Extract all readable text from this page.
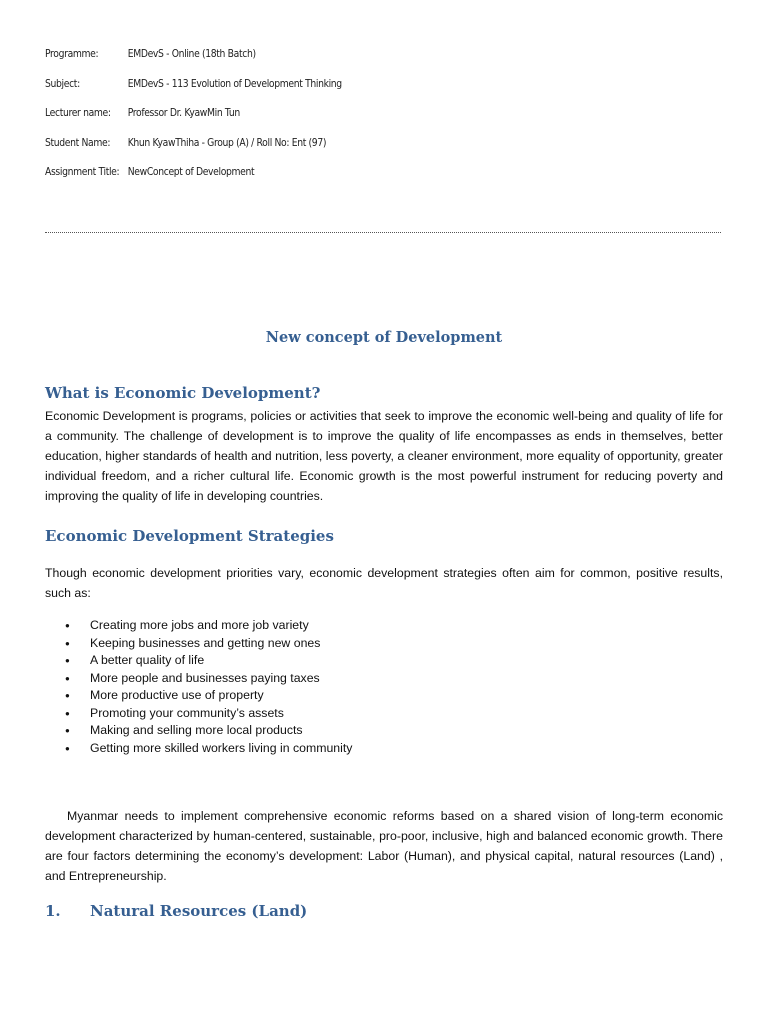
Programme:	EMDevS - Online (18th Batch)
Subject:	EMDevS - 113 Evolution of Development Thinking
Lecturer name:	Professor Dr. KyawMin Tun
Student Name:	Khun KyawThiha - Group (A) / Roll No: Ent (97)
Assignment Title: NewConcept of Development
New concept of Development
What is Economic Development?

Economic Development is programs, policies or activities that seek to improve the economic well-being and quality of life for a community. The challenge of development is to improve the quality of life encompasses as ends in themselves, better education, higher standards of health and nutrition, less poverty, a cleaner environment, more equality of opportunity, greater individual freedom, and a richer cultural life. Economic growth is the most powerful instrument for reducing poverty and improving the quality of life in developing countries.

Economic Development Strategies

Though economic development priorities vary, economic development strategies often aim for common, positive results, such as:

●	Creating more jobs and more job variety
●	Keeping businesses and getting new ones
●	A better quality of life
●	More people and businesses paying taxes
●	More productive use of property
●	Promoting your community’s assets
●	Making and selling more local products
●	Getting more skilled workers living in community

Myanmar needs to implement comprehensive economic reforms based on a shared vision of long-term economic development characterized by human-centered, sustainable, pro-poor, inclusive, high and balanced economic growth. There are four factors determining the economy’s development: Labor (Human), and physical capital, natural resources (Land) , and Entrepreneurship.

1.	Natural Resources (Land)
